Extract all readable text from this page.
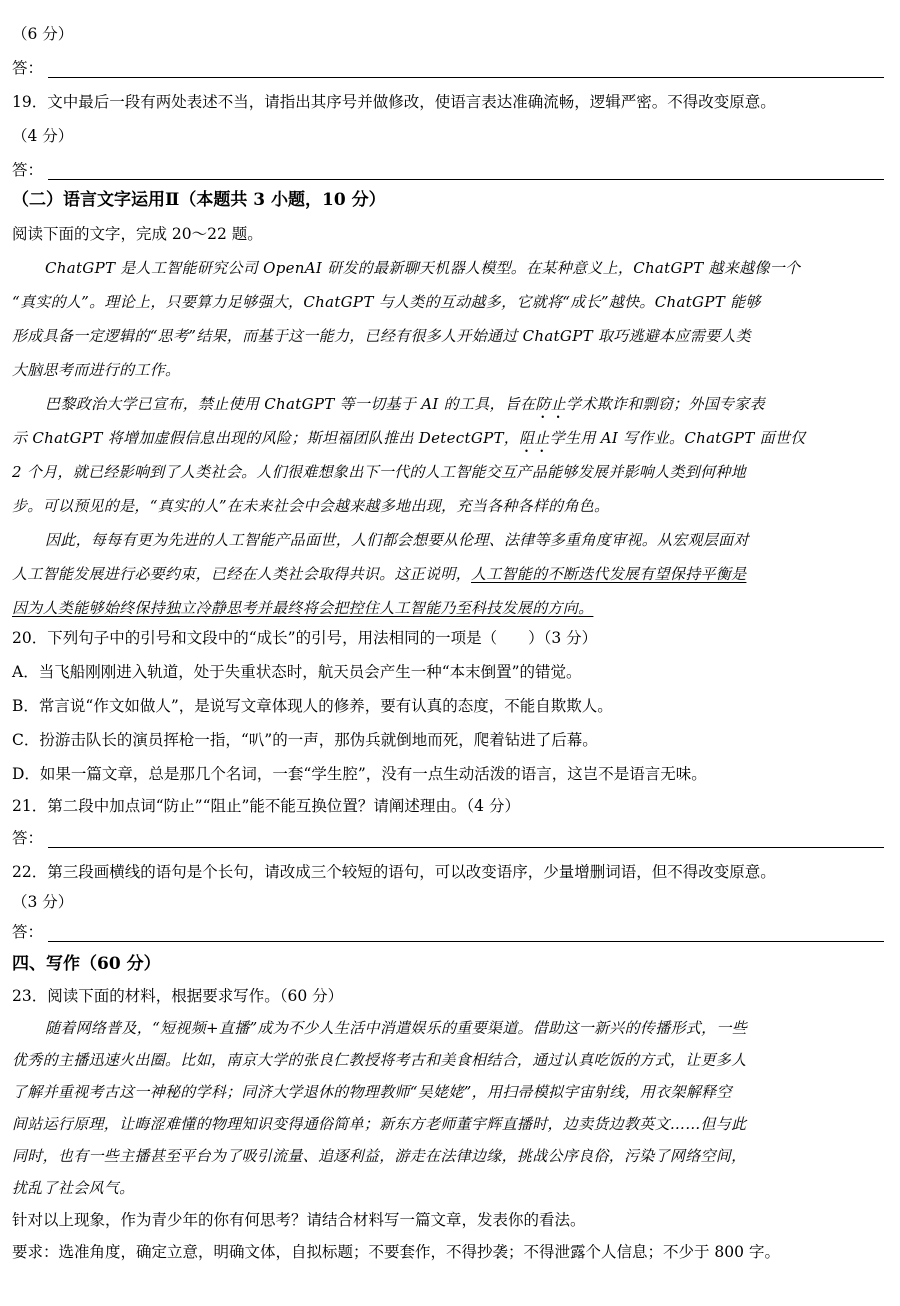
（6 分）
答：
19．文中最后一段有两处表述不当，请指出其序号并做修改，使语言表达准确流畅，逻辑严密。不得改变原意。
（4 分）
答：
（二）语言文字运用Ⅱ（本题共 3 小题，10 分）
阅读下面的文字，完成 20～22 题。
ChatGPT 是人工智能研究公司 OpenAI 研发的最新聊天机器人模型。在某种意义上，ChatGPT 越来越像一个
“真实的人”。理论上，只要算力足够强大，ChatGPT 与人类的互动越多，它就将“成长”越快。ChatGPT 能够
形成具备一定逻辑的“思考”结果，而基于这一能力，已经有很多人开始通过 ChatGPT 取巧逃避本应需要人类
大脑思考而进行的工作。
巴黎政治大学已宣布，禁止使用 ChatGPT 等一切基于 AI 的工具，旨在防止学术欺诈和剽窃；外国专家表
示 ChatGPT 将增加虚假信息出现的风险；斯坦福团队推出 DetectGPT，阻止学生用 AI 写作业。ChatGPT 面世仅
2 个月，就已经影响到了人类社会。人们很难想象出下一代的人工智能交互产品能够发展并影响人类到何种地
步。可以预见的是，“真实的人”在未来社会中会越来越多地出现，充当各种各样的角色。
因此，每每有更为先进的人工智能产品面世，人们都会想要从伦理、法律等多重角度审视。从宏观层面对
人工智能发展进行必要约束，已经在人类社会取得共识。这正说明，人工智能的不断迭代发展有望保持平衡是
因为人类能够始终保持独立冷静思考并最终将会把控住人工智能乃至科技发展的方向。
20．下列句子中的引号和文段中的“成长”的引号，用法相同的一项是（　　）（3 分）
A．当飞船刚刚进入轨道，处于失重状态时，航天员会产生一种“本末倒置”的错觉。
B．常言说“作文如做人”，是说写文章体现人的修养，要有认真的态度，不能自欺欺人。
C．扮游击队长的演员挥枪一指，“叭”的一声，那伪兵就倒地而死，爬着钻进了后幕。
D．如果一篇文章，总是那几个名词，一套“学生腔”，没有一点生动活泼的语言，这岂不是语言无味。
21．第二段中加点词“防止”“阻止”能不能互换位置？请阐述理由。（4 分）
答：
22．第三段画横线的语句是个长句，请改成三个较短的语句，可以改变语序，少量增删词语，但不得改变原意。
（3 分）
答：
四、写作（60 分）
23．阅读下面的材料，根据要求写作。（60 分）
随着网络普及，“短视频+直播”成为不少人生活中消遣娱乐的重要渠道。借助这一新兴的传播形式，一些
优秀的主播迅速火出圈。比如，南京大学的张良仁教授将考古和美食相结合，通过认真吃饭的方式，让更多人
了解并重视考古这一神秘的学科；同济大学退休的物理教师“吴姥姥”，用扫帚模拟宇宙射线，用衣架解释空
间站运行原理，让晦涩难懂的物理知识变得通俗简单；新东方老师董宇辉直播时，边卖货边教英文……但与此
同时，也有一些主播甚至平台为了吸引流量、追逐利益，游走在法律边缘，挑战公序良俗，污染了网络空间，
扰乱了社会风气。
针对以上现象，作为青少年的你有何思考？请结合材料写一篇文章，发表你的看法。
要求：选准角度，确定立意，明确文体，自拟标题；不要套作，不得抄袭；不得泄露个人信息；不少于 800 字。
